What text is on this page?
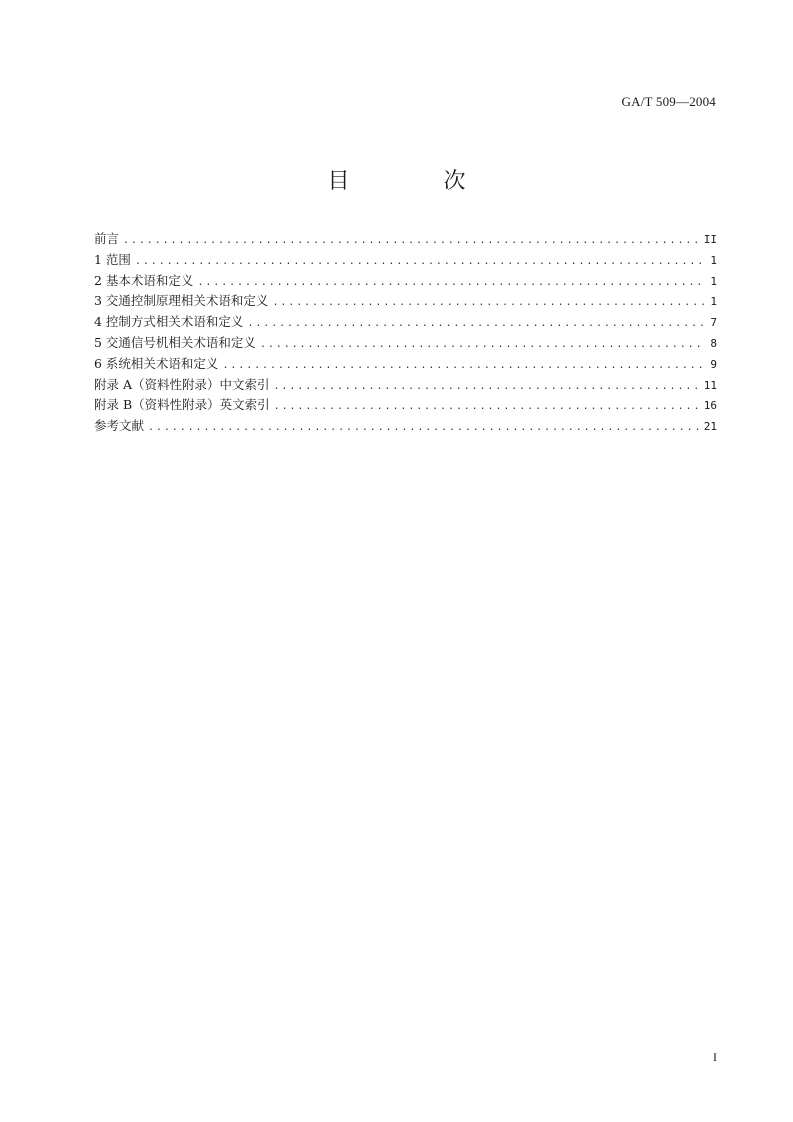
GA/T 509—2004
目　次
前言 .....	II
1 范围 .....	1
2 基本术语和定义 .....	1
3 交通控制原理相关术语和定义 .....	1
4 控制方式相关术语和定义 .....	7
5 交通信号机相关术语和定义 .....	8
6 系统相关术语和定义 .....	9
附录 A（资料性附录）中文索引 .....	11
附录 B（资料性附录）英文索引 .....	16
参考文献 .....	21
I
